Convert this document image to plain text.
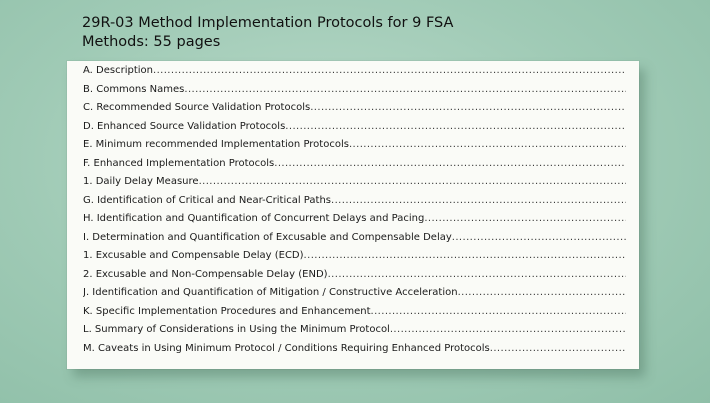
29R-03 Method Implementation Protocols for 9 FSA
Methods: 55 pages
A. Description
.....
B. Commons Names
.....
C. Recommended Source Validation Protocols
.....
D. Enhanced Source Validation Protocols
.....
E. Minimum recommended Implementation Protocols
.....
F. Enhanced Implementation Protocols
.....
1. Daily Delay Measure
.....
G. Identification of Critical and Near-Critical Paths
.....
H. Identification and Quantification of Concurrent Delays and Pacing
.....
I. Determination and Quantification of Excusable and Compensable Delay
.....
1. Excusable and Compensable Delay (ECD)
.....
2. Excusable and Non-Compensable Delay (END)
.....
J. Identification and Quantification of Mitigation / Constructive Acceleration
.....
K. Specific Implementation Procedures and Enhancement
.....
L. Summary of Considerations in Using the Minimum Protocol
.....
M. Caveats in Using Minimum Protocol / Conditions Requiring Enhanced Protocols
.....
